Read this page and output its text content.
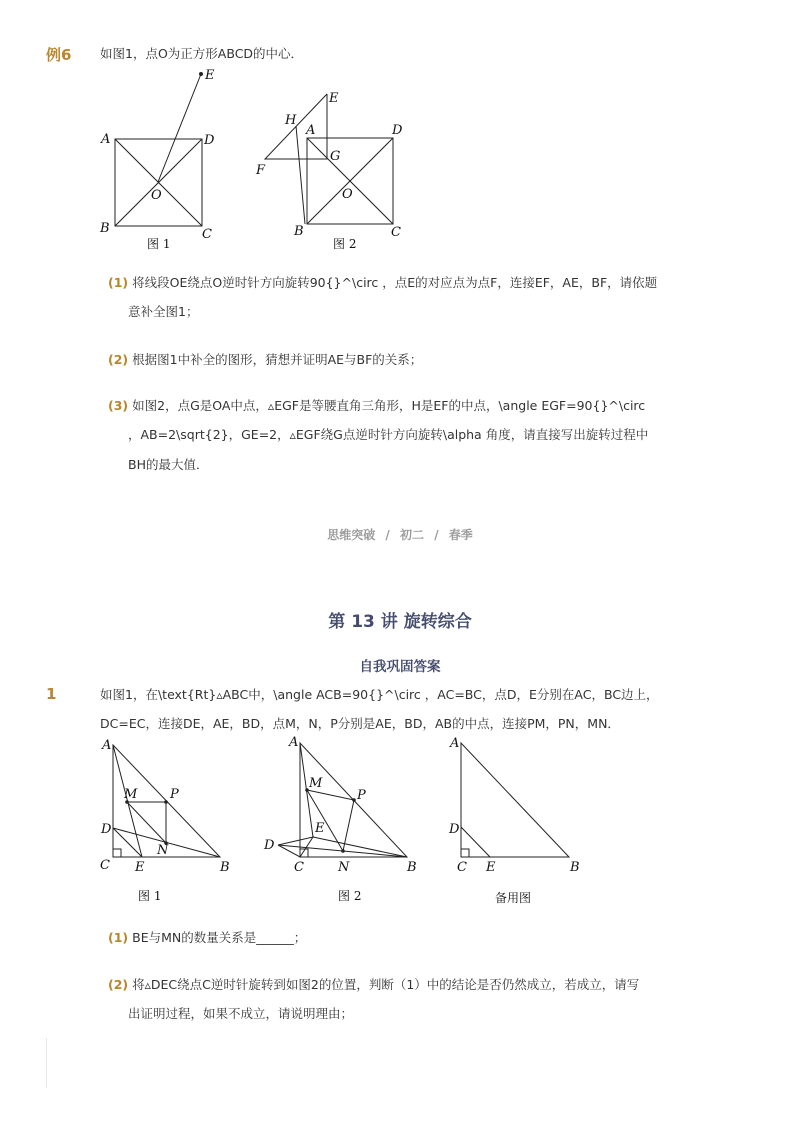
例6 如图1，点O为正方形ABCD的中心．
A	D
B	C
O
E
图 1
E
H
A	D
G
F
O
B	C
图 2
(1) 将线段OE绕点O逆时针方向旋转90{}^\circ ，点E的对应点为点F，连接EF，AE，BF，请依题
意补全图1；
(2) 根据图1中补全的图形，猜想并证明AE与BF的关系；
(3) 如图2，点G是OA中点，▵EGF是等腰直角三角形，H是EF的中点，\angle EGF=90{}^\circ
，AB=2\sqrt{2}，GE=2，▵EGF绕G点逆时针方向旋转\alpha 角度，请直接写出旋转过程中
BH的最大值．
思维突破 / 初二 / 春季
第 13 讲 旋转综合
自我巩固答案
1	如图1，在\text{Rt}▵ABC中，\angle ACB=90{}^\circ ，AC=BC，点D，E分别在AC，BC边上，
DC=EC，连接DE，AE，BD，点M，N，P分别是AE，BD，AB的中点，连接PM，PN，MN．
A
D
C E	B
M	P
N
图 1
A
M
P
E
D
C	N	B
图 2
A
D
C E	B
备用图
(1) BE与MN的数量关系是______；
(2) 将▵DEC绕点C逆时针旋转到如图2的位置，判断（1）中的结论是否仍然成立，若成立，请写
出证明过程，如果不成立，请说明理由；
